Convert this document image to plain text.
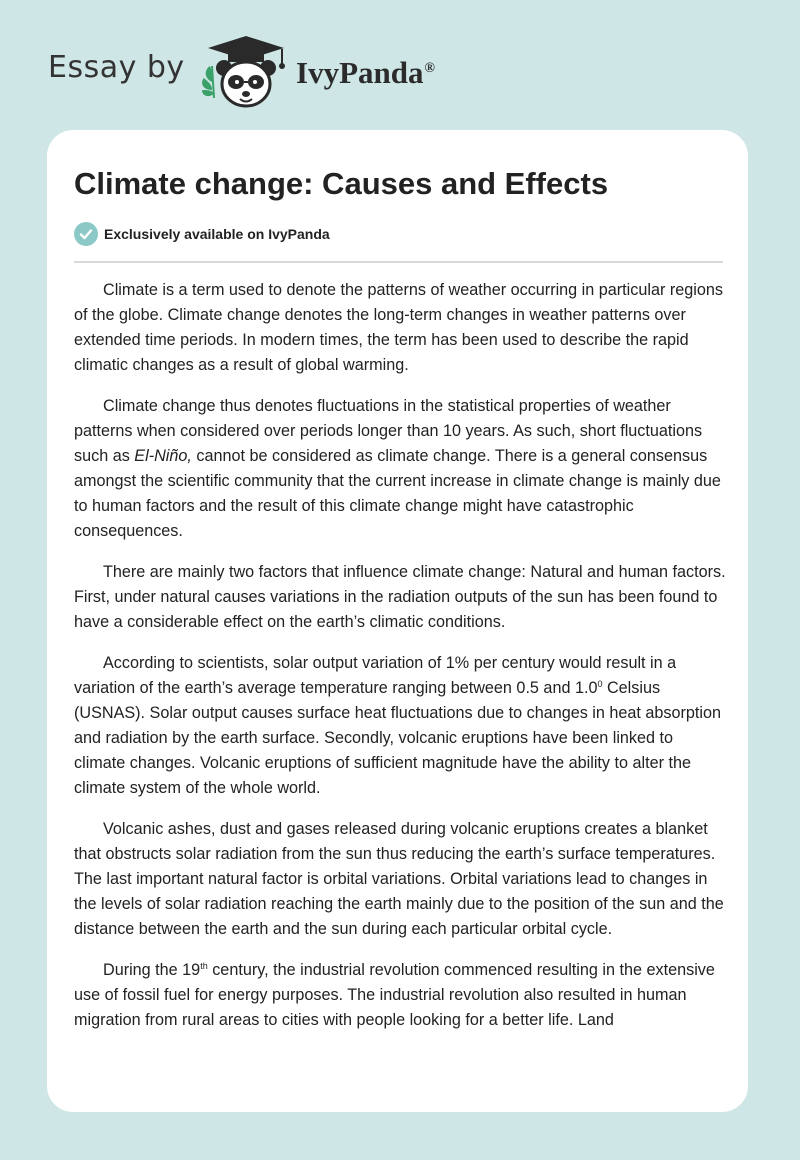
Essay by	IvyPanda®
Climate change: Causes and Effects
Exclusively available on IvyPanda

Climate is a term used to denote the patterns of weather occurring in particular regions of the globe. Climate change denotes the long-term changes in weather patterns over extended time periods. In modern times, the term has been used to describe the rapid climatic changes as a result of global warming.

Climate change thus denotes fluctuations in the statistical properties of weather patterns when considered over periods longer than 10 years. As such, short fluctuations such as El-Niño, cannot be considered as climate change. There is a general consensus amongst the scientific community that the current increase in climate change is mainly due to human factors and the result of this climate change might have catastrophic consequences.

There are mainly two factors that influence climate change: Natural and human factors. First, under natural causes variations in the radiation outputs of the sun has been found to have a considerable effect on the earth’s climatic conditions.

According to scientists, solar output variation of 1% per century would result in a variation of the earth’s average temperature ranging between 0.5 and $1.0^0$ Celsius (USNAS). Solar output causes surface heat fluctuations due to changes in heat absorption and radiation by the earth surface. Secondly, volcanic eruptions have been linked to climate changes. Volcanic eruptions of sufficient magnitude have the ability to alter the climate system of the whole world.

Volcanic ashes, dust and gases released during volcanic eruptions creates a blanket that obstructs solar radiation from the sun thus reducing the earth’s surface temperatures. The last important natural factor is orbital variations. Orbital variations lead to changes in the levels of solar radiation reaching the earth mainly due to the position of the sun and the distance between the earth and the sun during each particular orbital cycle.

During the 19th century, the industrial revolution commenced resulting in the extensive use of fossil fuel for energy purposes. The industrial revolution also resulted in human migration from rural areas to cities with people looking for a better life. Land
